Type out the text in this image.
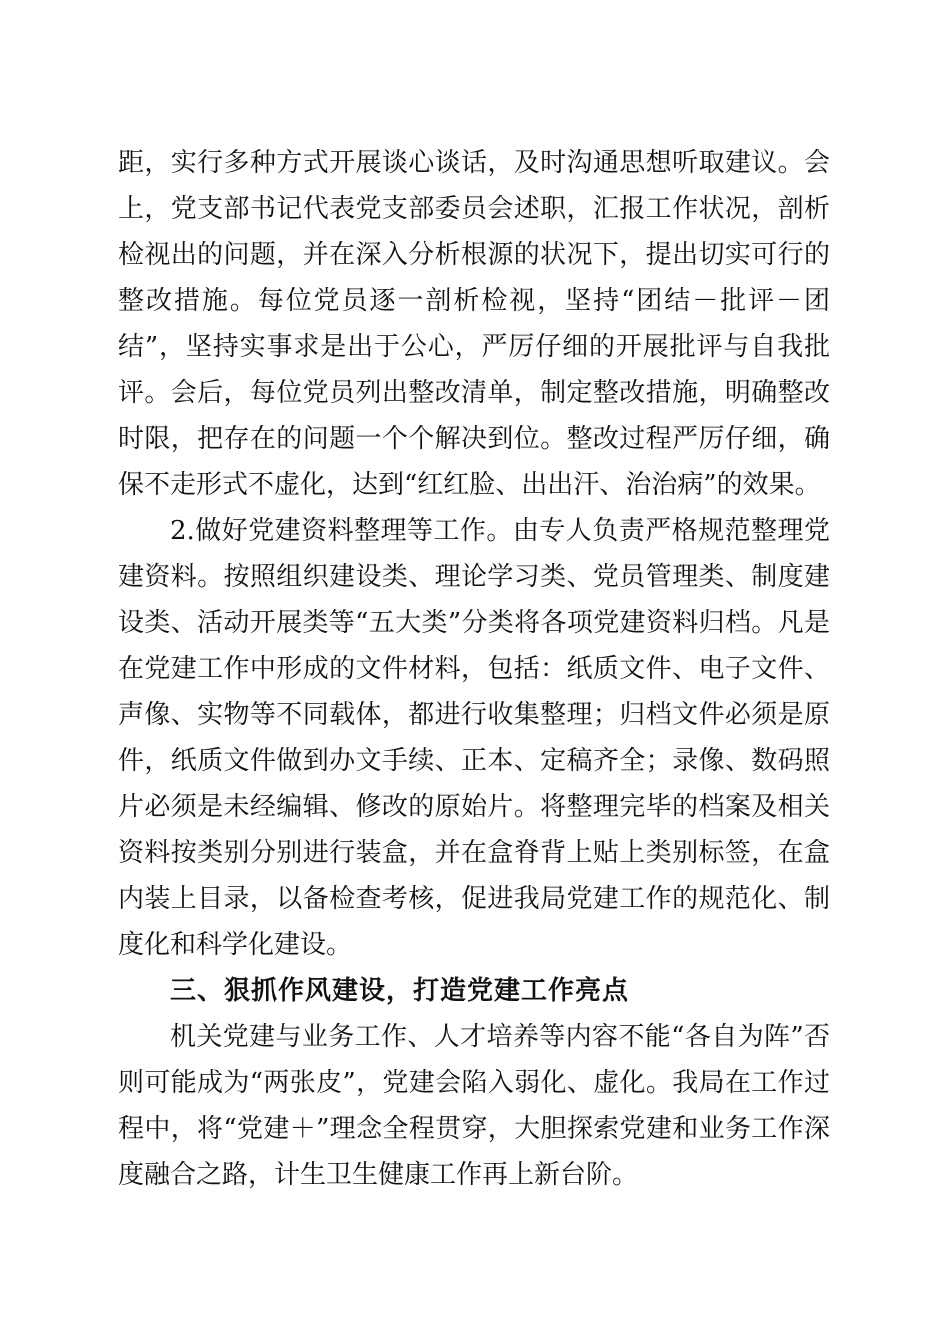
距，实行多种方式开展谈心谈话，及时沟通思想听取建议。会上，党支部书记代表党支部委员会述职，汇报工作状况，剖析检视出的问题，并在深入分析根源的状况下，提出切实可行的整改措施。每位党员逐一剖析检视，坚持“团结－批评－团结”，坚持实事求是出于公心，严厉仔细的开展批评与自我批评。会后，每位党员列出整改清单，制定整改措施，明确整改时限，把存在的问题一个个解决到位。整改过程严厉仔细，确保不走形式不虚化，达到“红红脸、出出汗、治治病”的效果。

2.做好党建资料整理等工作。由专人负责严格规范整理党建资料。按照组织建设类、理论学习类、党员管理类、制度建设类、活动开展类等“五大类”分类将各项党建资料归档。凡是在党建工作中形成的文件材料，包括：纸质文件、电子文件、声像、实物等不同载体，都进行收集整理；归档文件必须是原件，纸质文件做到办文手续、正本、定稿齐全；录像、数码照片必须是未经编辑、修改的原始片。将整理完毕的档案及相关资料按类别分别进行装盒，并在盒脊背上贴上类别标签，在盒内装上目录，以备检查考核，促进我局党建工作的规范化、制度化和科学化建设。

三、狠抓作风建设，打造党建工作亮点

机关党建与业务工作、人才培养等内容不能“各自为阵”否则可能成为“两张皮”，党建会陷入弱化、虚化。我局在工作过程中，将“党建＋”理念全程贯穿，大胆探索党建和业务工作深度融合之路，计生卫生健康工作再上新台阶。
